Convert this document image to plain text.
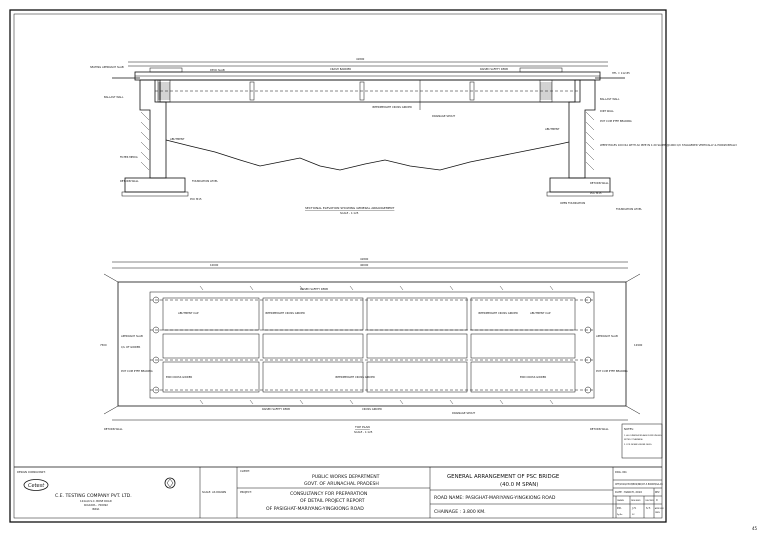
41800
DECK SLAB	CRASH BARRIER	RAISED SAFETY KERB
INTERMEDIATE CROSS GIRDER
DRAINAGE SPOUT
ABUTMENT
ABUTMENT
BALLAST WALL
BALLAST WALL
DIRT WALL
POT CUM PTFE BEARING
RETURN WALL
RETURN WALL
FOUNDATION LEVEL
FOUNDATION LEVEL
PCC M15
PCC M15
WEEP HOLES 100 DIA WITH AC PIPE IN 1:20 SLOPE @1000 C/C STAGGERED VERTICALLY & HORIZONTALLY
SEATING APPROACH SLAB
OPEN FOUNDATION
FILTER MEDIA
HFL = 112.85
SECTIONAL ELEVATION SHOWING GENERAL ARRANGEMENT
SCALE - 1:125
41800
40000
ABUTMENT CAP	ABUTMENT CAP
INTERMEDIATE CROSS GIRDER
INTERMEDIATE CROSS GIRDER
INTERMEDIATE CROSS GIRDER
END CROSS GIRDER	END CROSS GIRDER
APPROACH SLAB	APPROACH SLAB
RAISED SAFETY KERB
RAISED SAFETY KERB	CROSS GIRDER
DRAINAGE SPOUT
POT CUM PTFE BEARING	POT CUM PTFE BEARING
RETURN WALL	RETURN WALL
C/L OF GIRDER
12900
10000
7500
TOP PLAN
SCALE - 1:125
NOTES:
1. ALL DIMENSIONS ARE IN MM UNLESS
NOTED OTHERWISE.
2. FOR DETAILS REFER DRGS.
DESIGN CONSULTANT:
Cetest
C.E. TESTING COMPANY PVT. LTD.
124A,N.S.C. BOSE ROAD
KOLKATA - 700092
INDIA
SCALE: AS DRAWN
CLIENT:
PUBLIC WORKS DEPARTMENT
GOVT. OF ARUNACHAL PRADESH
PROJECT:	CONSULTANCY FOR PREPARATION
OF DETAIL PROJECT REPORT
OF PASIGHAT-MARIYANG-YINGKIONG ROAD
GENERAL ARRANGEMENT OF PSC BRIDGE
(40.0 M SPAN)
ROAD NAME: PASIGHAT-MARIYANG-YINGKIONG ROAD
CHAINAGE : 3.800 KM.
DRG. NO.
CET/2010/2303/BOS/NR/CH-3.800KM/GA-01
DATE : MARCH, 2010	REV.
0
DRAWN	DESIGNED	CHECKED
P.D.	J.H.	S.T.	APPROVED
DMN
Pg.No.	32
45
